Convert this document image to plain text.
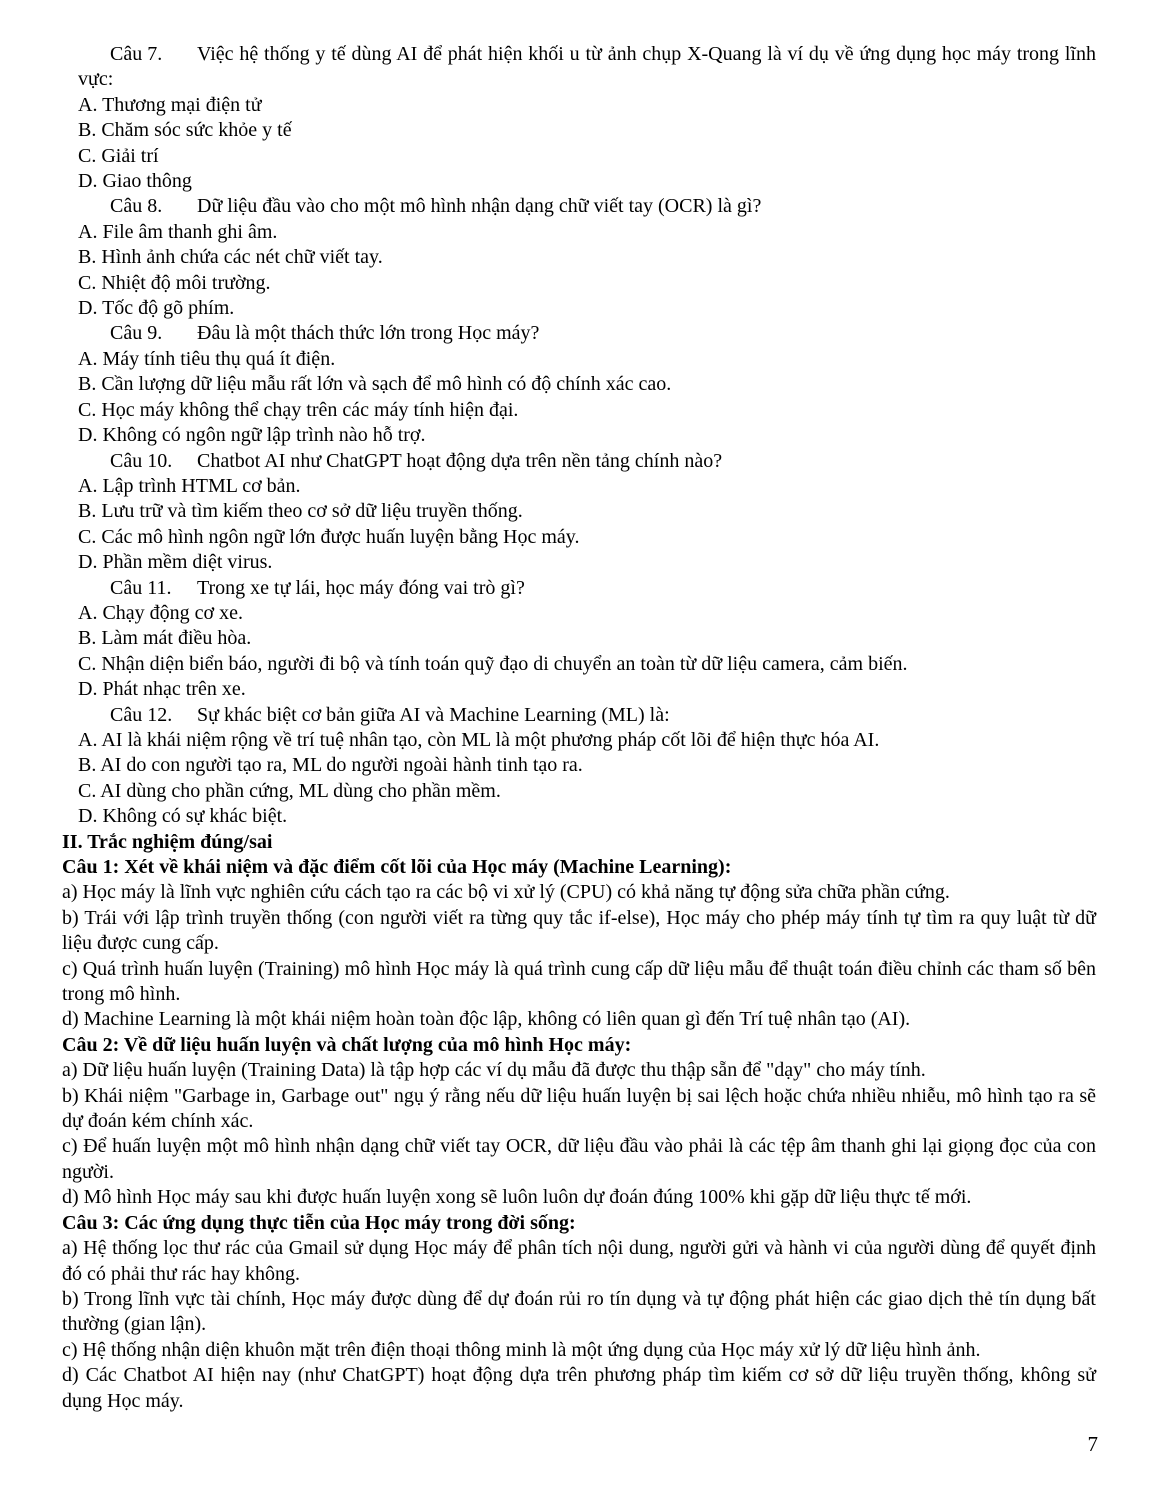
Câu 7. Việc hệ thống y tế dùng AI để phát hiện khối u từ ảnh chụp X-Quang là ví dụ về ứng dụng học máy trong lĩnh vực:

A. Thương mại điện tử

B. Chăm sóc sức khỏe y tế

C. Giải trí

D. Giao thông

Câu 8. Dữ liệu đầu vào cho một mô hình nhận dạng chữ viết tay (OCR) là gì?

A. File âm thanh ghi âm.

B. Hình ảnh chứa các nét chữ viết tay.

C. Nhiệt độ môi trường.

D. Tốc độ gõ phím.

Câu 9. Đâu là một thách thức lớn trong Học máy?

A. Máy tính tiêu thụ quá ít điện.

B. Cần lượng dữ liệu mẫu rất lớn và sạch để mô hình có độ chính xác cao.

C. Học máy không thể chạy trên các máy tính hiện đại.

D. Không có ngôn ngữ lập trình nào hỗ trợ.

Câu 10. Chatbot AI như ChatGPT hoạt động dựa trên nền tảng chính nào?

A. Lập trình HTML cơ bản.

B. Lưu trữ và tìm kiếm theo cơ sở dữ liệu truyền thống.

C. Các mô hình ngôn ngữ lớn được huấn luyện bằng Học máy.

D. Phần mềm diệt virus.

Câu 11. Trong xe tự lái, học máy đóng vai trò gì?

A. Chạy động cơ xe.

B. Làm mát điều hòa.

C. Nhận diện biển báo, người đi bộ và tính toán quỹ đạo di chuyển an toàn từ dữ liệu camera, cảm biến.

D. Phát nhạc trên xe.

Câu 12. Sự khác biệt cơ bản giữa AI và Machine Learning (ML) là:

A. AI là khái niệm rộng về trí tuệ nhân tạo, còn ML là một phương pháp cốt lõi để hiện thực hóa AI.

B. AI do con người tạo ra, ML do người ngoài hành tinh tạo ra.

C. AI dùng cho phần cứng, ML dùng cho phần mềm.

D. Không có sự khác biệt.

II. Trắc nghiệm đúng/sai

Câu 1: Xét về khái niệm và đặc điểm cốt lõi của Học máy (Machine Learning):

a) Học máy là lĩnh vực nghiên cứu cách tạo ra các bộ vi xử lý (CPU) có khả năng tự động sửa chữa phần cứng.

b) Trái với lập trình truyền thống (con người viết ra từng quy tắc if-else), Học máy cho phép máy tính tự tìm ra quy luật từ dữ liệu được cung cấp.

c) Quá trình huấn luyện (Training) mô hình Học máy là quá trình cung cấp dữ liệu mẫu để thuật toán điều chỉnh các tham số bên trong mô hình.

d) Machine Learning là một khái niệm hoàn toàn độc lập, không có liên quan gì đến Trí tuệ nhân tạo (AI).

Câu 2: Về dữ liệu huấn luyện và chất lượng của mô hình Học máy:

a) Dữ liệu huấn luyện (Training Data) là tập hợp các ví dụ mẫu đã được thu thập sẵn để "dạy" cho máy tính.

b) Khái niệm "Garbage in, Garbage out" ngụ ý rằng nếu dữ liệu huấn luyện bị sai lệch hoặc chứa nhiều nhiễu, mô hình tạo ra sẽ dự đoán kém chính xác.

c) Để huấn luyện một mô hình nhận dạng chữ viết tay OCR, dữ liệu đầu vào phải là các tệp âm thanh ghi lại giọng đọc của con người.

d) Mô hình Học máy sau khi được huấn luyện xong sẽ luôn luôn dự đoán đúng 100% khi gặp dữ liệu thực tế mới.

Câu 3: Các ứng dụng thực tiễn của Học máy trong đời sống:

a) Hệ thống lọc thư rác của Gmail sử dụng Học máy để phân tích nội dung, người gửi và hành vi của người dùng để quyết định đó có phải thư rác hay không.

b) Trong lĩnh vực tài chính, Học máy được dùng để dự đoán rủi ro tín dụng và tự động phát hiện các giao dịch thẻ tín dụng bất thường (gian lận).

c) Hệ thống nhận diện khuôn mặt trên điện thoại thông minh là một ứng dụng của Học máy xử lý dữ liệu hình ảnh.

d) Các Chatbot AI hiện nay (như ChatGPT) hoạt động dựa trên phương pháp tìm kiếm cơ sở dữ liệu truyền thống, không sử dụng Học máy.

7
